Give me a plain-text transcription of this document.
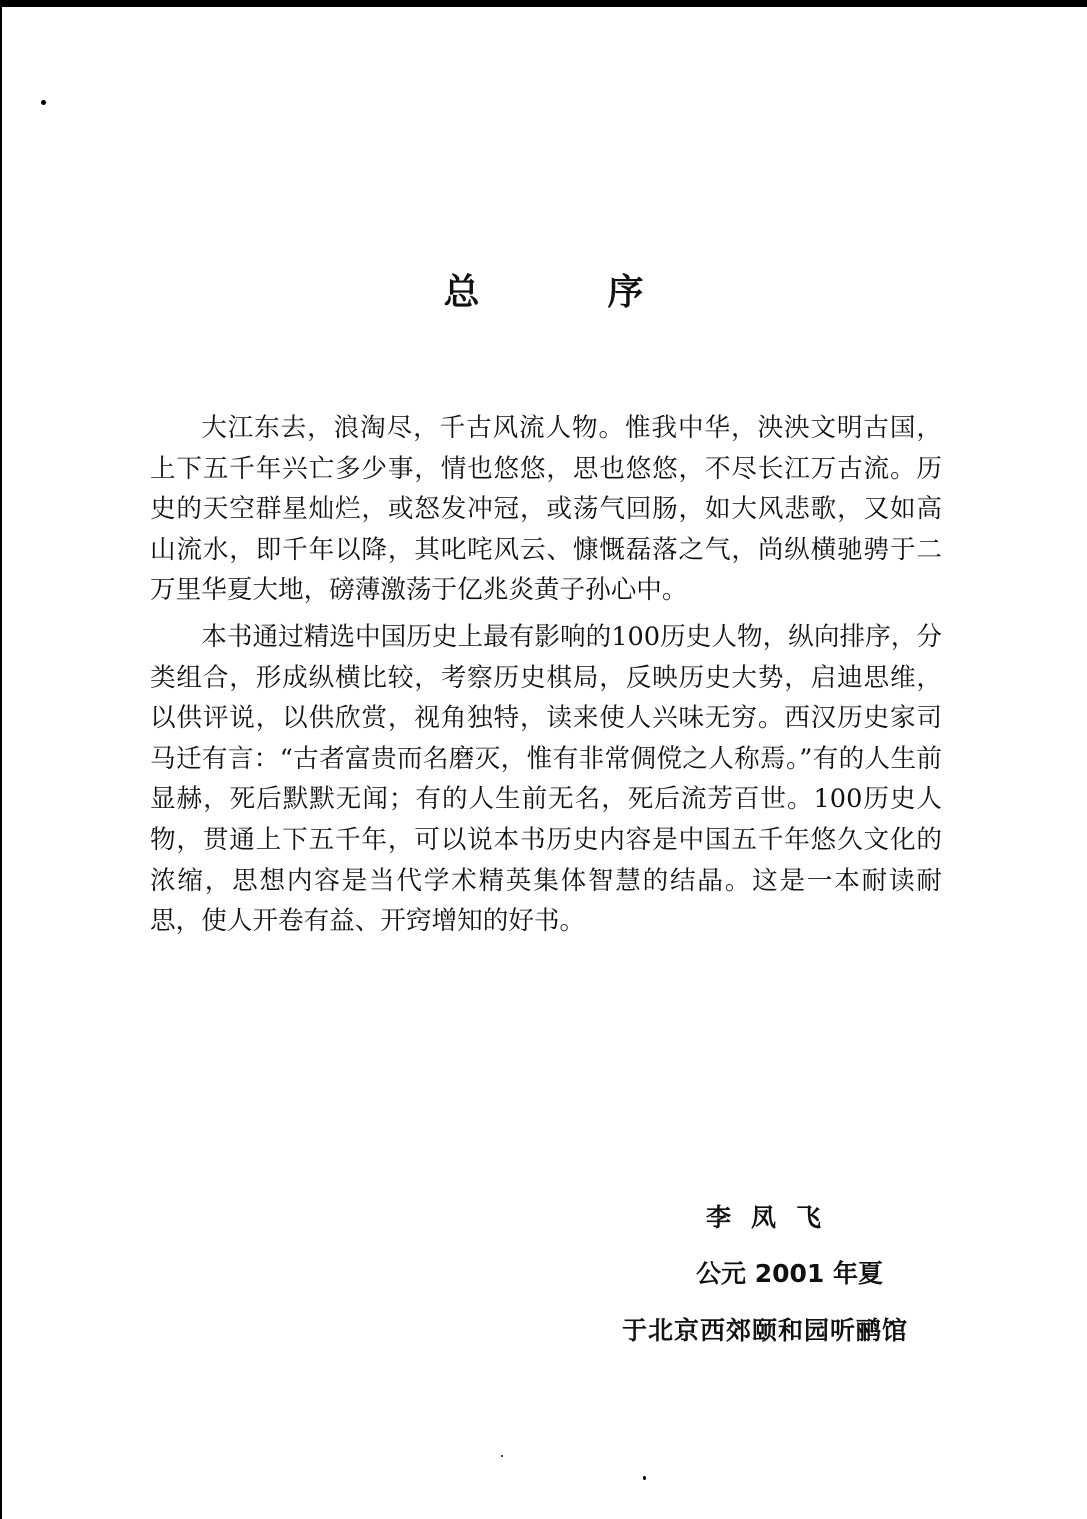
总	序

大江东去，浪淘尽，千古风流人物。惟我中华，泱泱文明古国，上下五千年兴亡多少事，情也悠悠，思也悠悠，不尽长江万古流。历史的天空群星灿烂，或怒发冲冠，或荡气回肠，如大风悲歌，又如高山流水，即千年以降，其叱咤风云、慷慨磊落之气，尚纵横驰骋于二万里华夏大地，磅薄激荡于亿兆炎黄子孙心中。

本书通过精选中国历史上最有影响的100历史人物，纵向排序，分类组合，形成纵横比较，考察历史棋局，反映历史大势，启迪思维，以供评说，以供欣赏，视角独特，读来使人兴味无穷。西汉历史家司马迁有言：“古者富贵而名磨灭，惟有非常倜傥之人称焉。”有的人生前显赫，死后默默无闻；有的人生前无名，死后流芳百世。100历史人物，贯通上下五千年，可以说本书历史内容是中国五千年悠久文化的浓缩，思想内容是当代学术精英集体智慧的结晶。这是一本耐读耐思，使人开卷有益、开窍增知的好书。

李凤飞
公元 2001 年夏
于北京西郊颐和园听鹂馆
